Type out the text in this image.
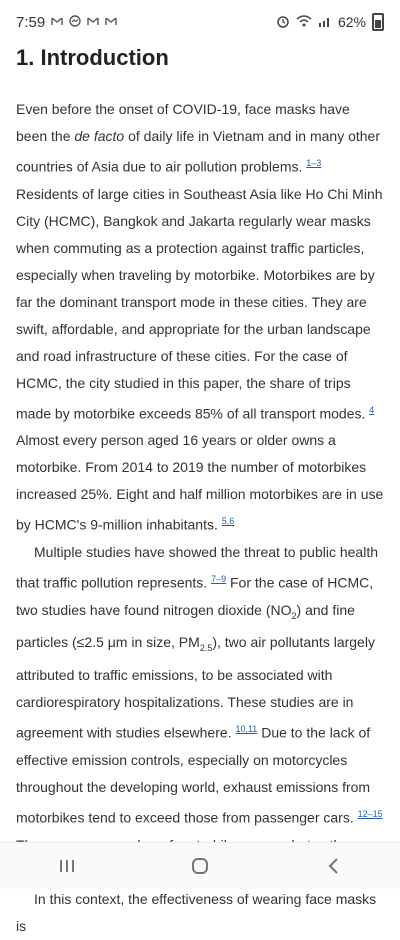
7:59	62%
1. Introduction

Even before the onset of COVID-19, face masks have been the de facto of daily life in Vietnam and in many other countries of Asia due to air pollution problems. $^{1-3}$ Residents of large cities in Southeast Asia like Ho Chi Minh City (HCMC), Bangkok and Jakarta regularly wear masks when commuting as a protection against traffic particles, especially when traveling by motorbike. Motorbikes are by far the dominant transport mode in these cities. They are swift, affordable, and appropriate for the urban landscape and road infrastructure of these cities. For the case of HCMC, the city studied in this paper, the share of trips made by motorbike exceeds 85% of all transport modes. $^4$ Almost every person aged 16 years or older owns a motorbike. From 2014 to 2019 the number of motorbikes increased 25%. Eight and half million motorbikes are in use by HCMC's 9-million inhabitants. $^{5,6}$

Multiple studies have showed the threat to public health that traffic pollution represents. $^{7-9}$ For the case of HCMC, two studies have found nitrogen dioxide $(NO_2)$ and fine particles (≤2.5 μm in size, $PM_{2.5}$), two air pollutants largely attributed to traffic emissions, to be associated with cardiorespiratory hospitalizations. These studies are in agreement with studies elsewhere. $^{10,11}$ Due to the lack of effective emission controls, especially on motorcycles throughout the developing world, exhaust emissions from motorbikes tend to exceed those from passenger cars. $^{12-15}$

In this context, the effectiveness of wearing face masks is
